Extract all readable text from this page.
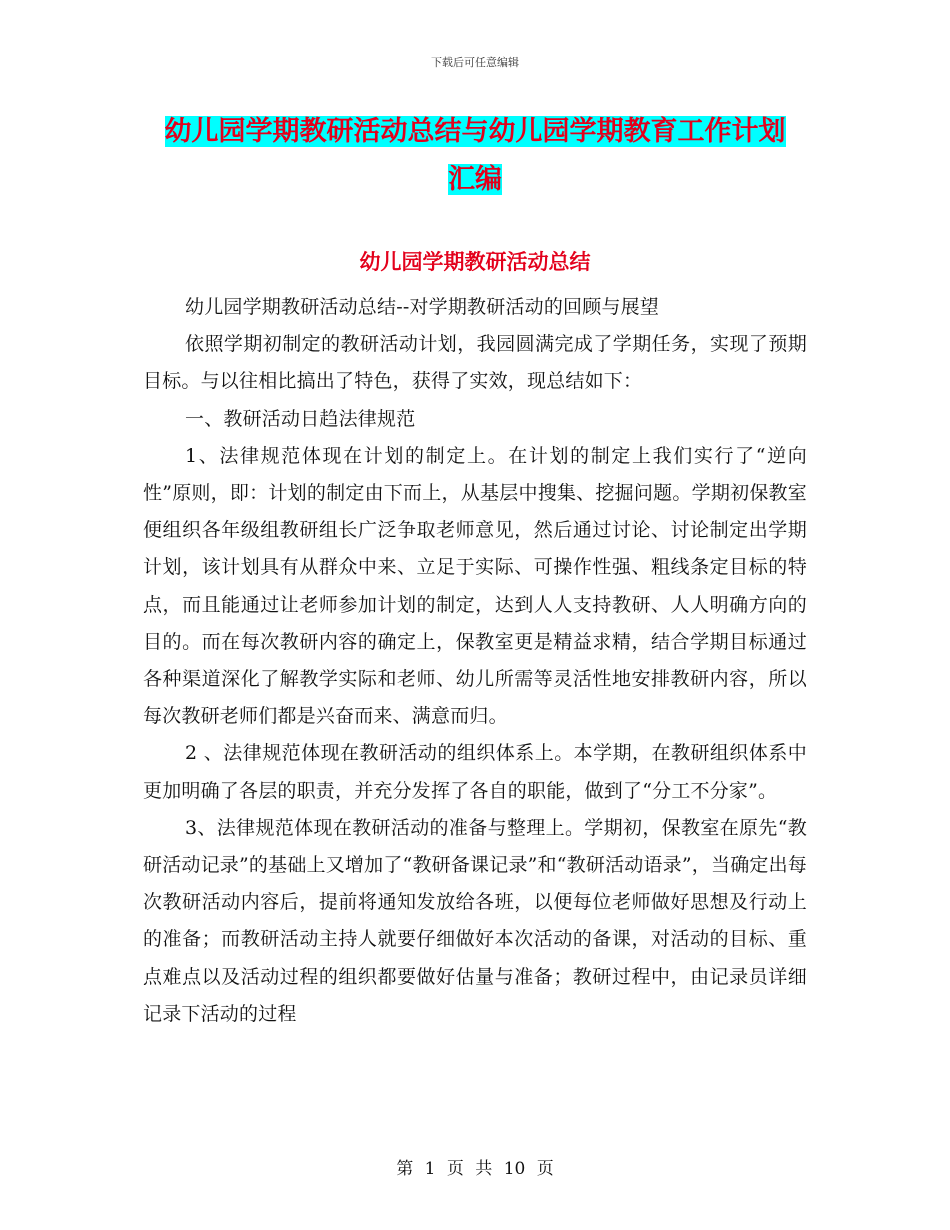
下载后可任意编辑
幼儿园学期教研活动总结与幼儿园学期教育工作计划
汇编
幼儿园学期教研活动总结

幼儿园学期教研活动总结--对学期教研活动的回顾与展望

依照学期初制定的教研活动计划，我园圆满完成了学期任务，实现了预期目标。与以往相比搞出了特色，获得了实效，现总结如下：

一、教研活动日趋法律规范

1、法律规范体现在计划的制定上。在计划的制定上我们实行了“逆向性”原则，即：计划的制定由下而上，从基层中搜集、挖掘问题。学期初保教室便组织各年级组教研组长广泛争取老师意见，然后通过讨论、讨论制定出学期计划，该计划具有从群众中来、立足于实际、可操作性强、粗线条定目标的特点，而且能通过让老师参加计划的制定，达到人人支持教研、人人明确方向的目的。而在每次教研内容的确定上，保教室更是精益求精，结合学期目标通过各种渠道深化了解教学实际和老师、幼儿所需等灵活性地安排教研内容，所以每次教研老师们都是兴奋而来、满意而归。

2 、法律规范体现在教研活动的组织体系上。本学期，在教研组织体系中更加明确了各层的职责，并充分发挥了各自的职能，做到了“分工不分家”。

3、法律规范体现在教研活动的准备与整理上。学期初，保教室在原先“教研活动记录”的基础上又增加了“教研备课记录”和“教研活动语录”，当确定出每次教研活动内容后，提前将通知发放给各班，以便每位老师做好思想及行动上的准备；而教研活动主持人就要仔细做好本次活动的备课，对活动的目标、重点难点以及活动过程的组织都要做好估量与准备；教研过程中，由记录员详细记录下活动的过程

第 1 页 共 10 页
